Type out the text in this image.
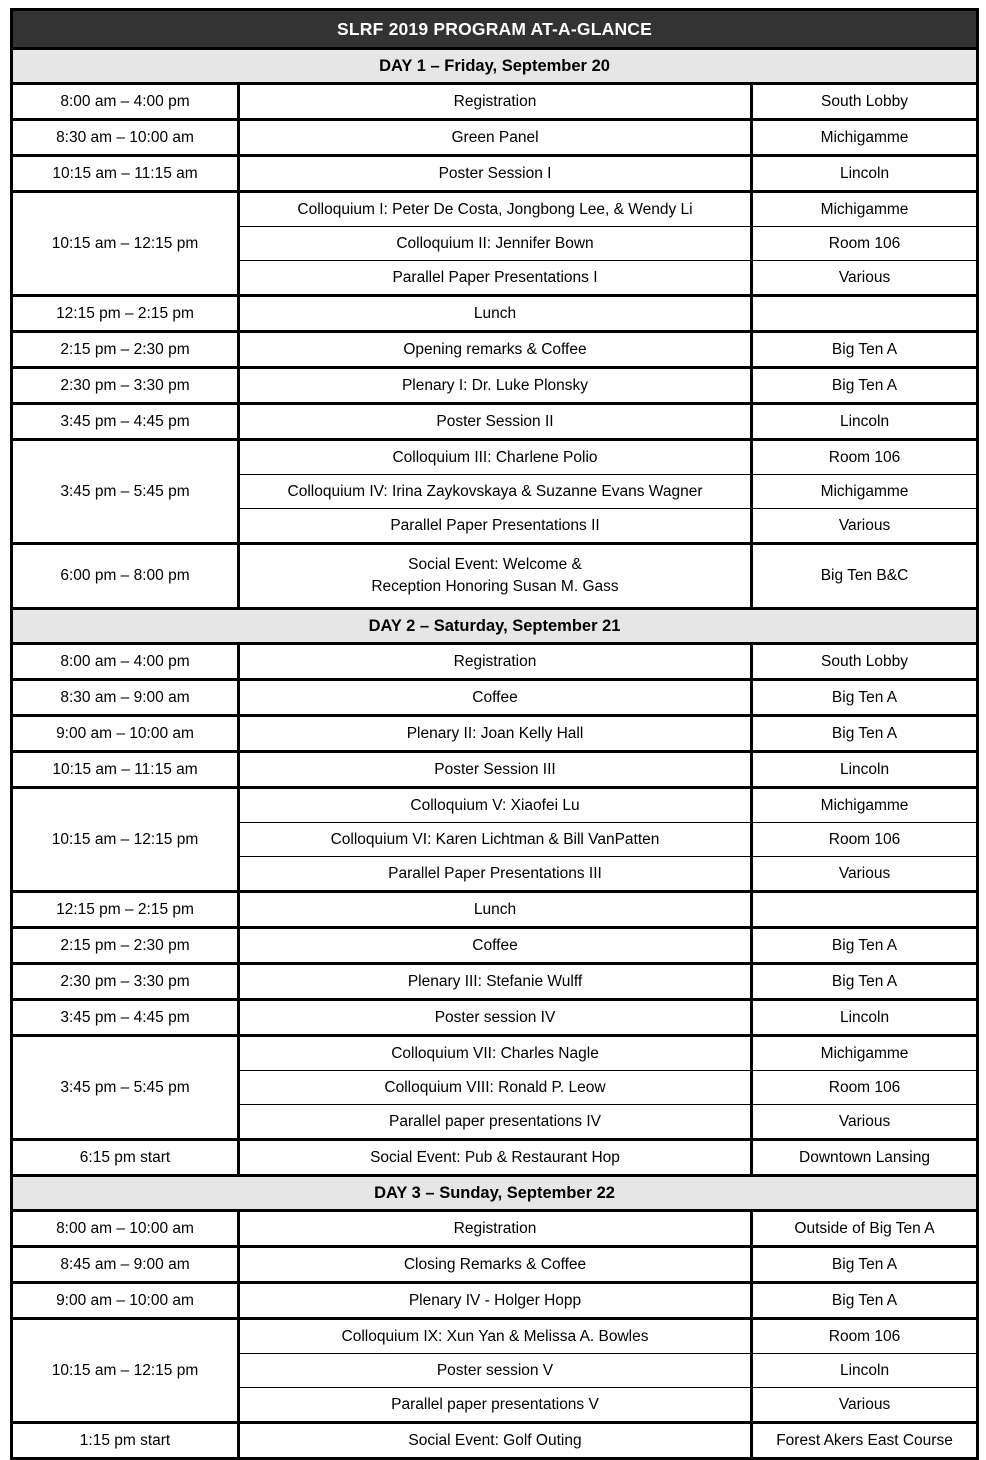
SLRF 2019 PROGRAM AT-A-GLANCE		
DAY 1 – Friday, September 20		
8:00 am – 4:00 pm	Registration	South Lobby
8:30 am – 10:00 am	Green Panel	Michigamme
10:15 am – 11:15 am	Poster Session I	Lincoln
10:15 am – 12:15 pm	Colloquium I: Peter De Costa, Jongbong Lee, & Wendy Li	Michigamme
	Colloquium II: Jennifer Bown	Room 106
	Parallel Paper Presentations I	Various
12:15 pm – 2:15 pm	Lunch	
2:15 pm – 2:30 pm	Opening remarks & Coffee	Big Ten A
2:30 pm – 3:30 pm	Plenary I: Dr. Luke Plonsky	Big Ten A
3:45 pm – 4:45 pm	Poster Session II	Lincoln
3:45 pm – 5:45 pm	Colloquium III: Charlene Polio	Room 106
	Colloquium IV: Irina Zaykovskaya & Suzanne Evans Wagner	Michigamme
	Parallel Paper Presentations II	Various
6:00 pm – 8:00 pm	Social Event: Welcome &
Reception Honoring Susan M. Gass	Big Ten B&C
DAY 2 – Saturday, September 21		
8:00 am – 4:00 pm	Registration	South Lobby
8:30 am – 9:00 am	Coffee	Big Ten A
9:00 am – 10:00 am	Plenary II: Joan Kelly Hall	Big Ten A
10:15 am – 11:15 am	Poster Session III	Lincoln
10:15 am – 12:15 pm	Colloquium V: Xiaofei Lu	Michigamme
	Colloquium VI: Karen Lichtman & Bill VanPatten	Room 106
	Parallel Paper Presentations III	Various
12:15 pm – 2:15 pm	Lunch	
2:15 pm – 2:30 pm	Coffee	Big Ten A
2:30 pm – 3:30 pm	Plenary III: Stefanie Wulff	Big Ten A
3:45 pm – 4:45 pm	Poster session IV	Lincoln
3:45 pm – 5:45 pm	Colloquium VII: Charles Nagle	Michigamme
	Colloquium VIII: Ronald P. Leow	Room 106
	Parallel paper presentations IV	Various
6:15 pm start	Social Event: Pub & Restaurant Hop	Downtown Lansing
DAY 3 – Sunday, September 22		
8:00 am – 10:00 am	Registration	Outside of Big Ten A
8:45 am – 9:00 am	Closing Remarks & Coffee	Big Ten A
9:00 am – 10:00 am	Plenary IV - Holger Hopp	Big Ten A
10:15 am – 12:15 pm	Colloquium IX: Xun Yan & Melissa A. Bowles	Room 106
	Poster session V	Lincoln
	Parallel paper presentations V	Various
1:15 pm start	Social Event: Golf Outing	Forest Akers East Course
